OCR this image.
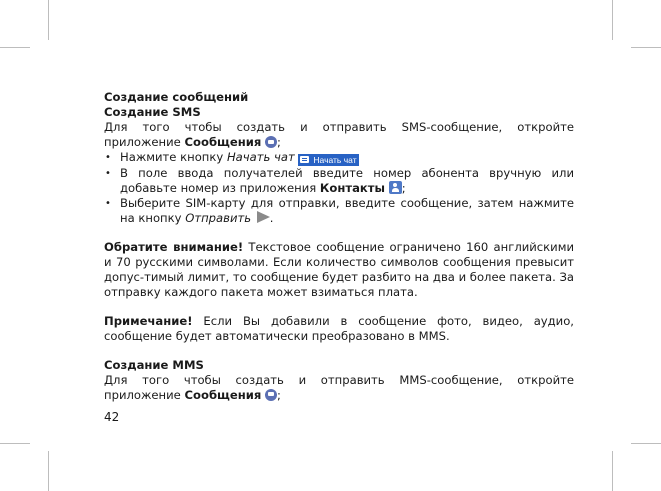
Создание сообщений

Создание SMS

Для того чтобы создать и отправить SMS-сообщение, откройте приложение Сообщения ;

• Нажмите кнопку Начать чат Начать чат
• В поле ввода получателей введите номер абонента вручную или добавьте номер из приложения Контакты ;
• Выберите SIM-карту для отправки, введите сообщение, затем нажмите на кнопку Отправить .

Обратите внимание! Текстовое сообщение ограничено 160 английскими и 70 русскими символами. Если количество символов сообщения превысит допус-тимый лимит, то сообщение будет разбито на два и более пакета. За отправку каждого пакета может взиматься плата.

Примечание! Если Вы добавили в сообщение фото, видео, аудио, сообщение будет автоматически преобразовано в MMS.

Создание MMS

Для того чтобы создать и отправить MMS-сообщение, откройте приложение Сообщения ;

42
